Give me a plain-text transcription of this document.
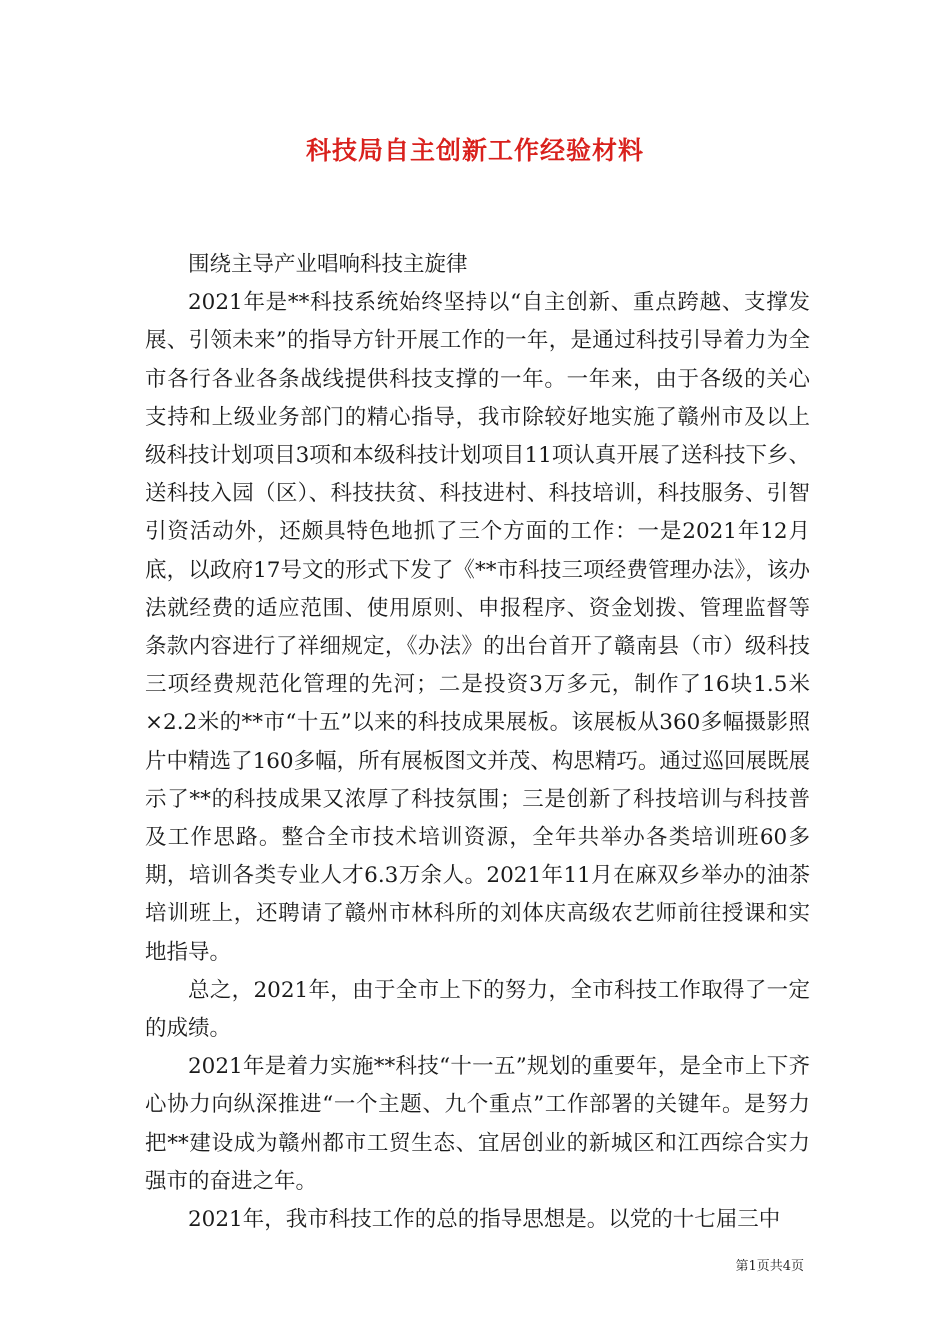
科技局自主创新工作经验材料

围绕主导产业唱响科技主旋律

2021年是**科技系统始终坚持以“自主创新、重点跨越、支撑发展、引领未来”的指导方针开展工作的一年，是通过科技引导着力为全市各行各业各条战线提供科技支撑的一年。一年来，由于各级的关心支持和上级业务部门的精心指导，我市除较好地实施了赣州市及以上级科技计划项目3项和本级科技计划项目11项认真开展了送科技下乡、送科技入园（区）、科技扶贫、科技进村、科技培训，科技服务、引智引资活动外，还颇具特色地抓了三个方面的工作：一是2021年12月底，以政府17号文的形式下发了《**市科技三项经费管理办法》，该办法就经费的适应范围、使用原则、申报程序、资金划拨、管理监督等条款内容进行了祥细规定，《办法》的出台首开了赣南县（市）级科技三项经费规范化管理的先河；二是投资3万多元，制作了16块1.5米×2.2米的**市“十五”以来的科技成果展板。该展板从360多幅摄影照片中精选了160多幅，所有展板图文并茂、构思精巧。通过巡回展既展示了**的科技成果又浓厚了科技氛围；三是创新了科技培训与科技普及工作思路。整合全市技术培训资源，全年共举办各类培训班60多期，培训各类专业人才6.3万余人。2021年11月在麻双乡举办的油茶培训班上，还聘请了赣州市林科所的刘体庆高级农艺师前往授课和实地指导。

总之，2021年，由于全市上下的努力，全市科技工作取得了一定的成绩。

2021年是着力实施**科技“十一五”规划的重要年，是全市上下齐心协力向纵深推进“一个主题、九个重点”工作部署的关键年。是努力把**建设成为赣州都市工贸生态、宜居创业的新城区和江西综合实力强市的奋进之年。

2021年，我市科技工作的总的指导思想是。以党的十七届三中

第1页共4页
